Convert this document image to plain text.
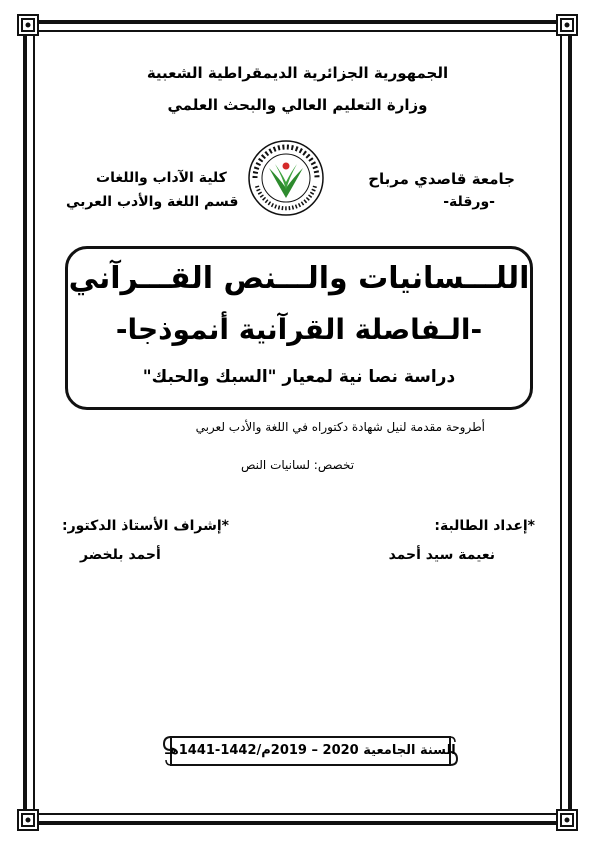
الجمهورية الجزائرية الديمقراطية الشعبية
وزارة التعليم العالي والبحث العلمي
جامعة قاصدي مرباح
-ورقلة-
كلية الآداب واللغات
قسم اللغة والأدب العربي
اللـــسانيات والـــنص القـــرآني
-الـفاصلة القرآنية أنموذجا-
دراسة نصا نية لمعيار "السبك والحبك"
أطروحة مقدمة لنيل شهادة دكتوراه في اللغة والأدب لعربي
تخصص: لسانيات النص
*إعداد الطالبة:
نعيمة سيد أحمد
*إشراف الأستاذ الدكتور:
أحمد بلخضر
السنة الجامعية 2020 – 2019م/1442-1441هـ
